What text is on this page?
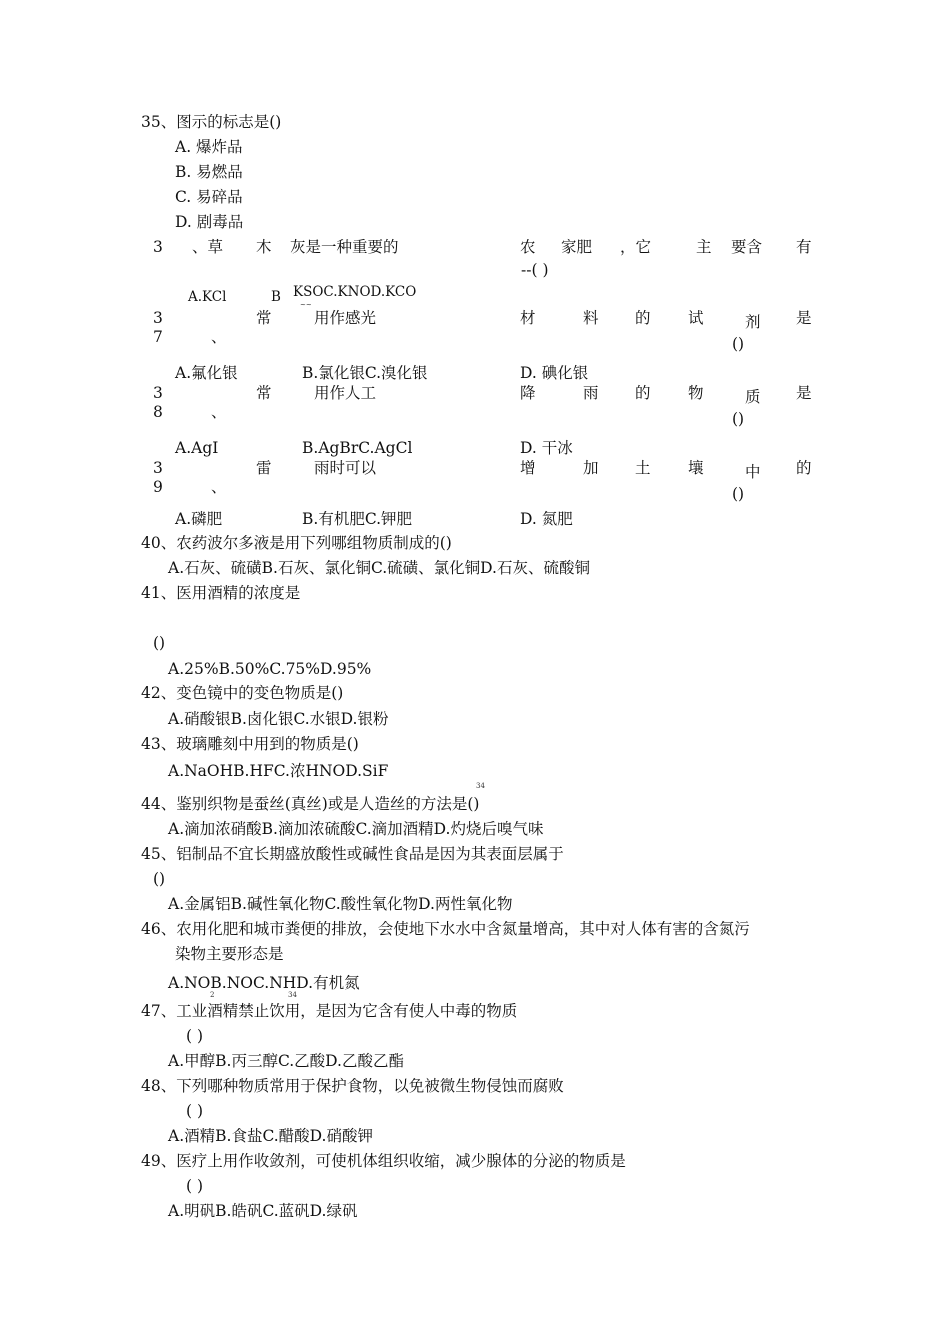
35、图示的标志是()
A. 爆炸品
B. 易燃品
C. 易碎品
D. 剧毒品
3 、草 木 灰是一种重要的	农 家肥 ，它	主 要含 有
--( )
A.KCl	B KSOC.KNOD.KCO
~~
3
7	、
常	用作感光	材	料 的 试	剂 是
()
A.氟化银	B.氯化银C.溴化银	D. 碘化银
3
8	、
常	用作人工	降	雨 的 物	质 是
()
A.AgI	B.AgBrC.AgCl	D. 干冰
3
9	、
雷	雨时可以	增	加 土 壤	中 的
()
A.磷肥	B.有机肥C.钾肥	D. 氮肥
40、农药波尔多液是用下列哪组物质制成的()
A.石灰、硫磺B.石灰、氯化铜C.硫磺、氯化铜D.石灰、硫酸铜
41、医用酒精的浓度是
()
A.25%B.50%C.75%D.95%
42、变色镜中的变色物质是()
A.硝酸银B.卤化银C.水银D.银粉
43、玻璃雕刻中用到的物质是()
A.NaOHB.HFC.浓HNOD.SiF
34
44、鉴别织物是蚕丝(真丝)或是人造丝的方法是()
A.滴加浓硝酸B.滴加浓硫酸C.滴加酒精D.灼烧后嗅气味
45、铝制品不宜长期盛放酸性或碱性食品是因为其表面层属于
()
A.金属铝B.碱性氧化物C.酸性氧化物D.两性氧化物
46、农用化肥和城市粪便的排放，会使地下水水中含氮量增高，其中对人体有害的含氮污
染物主要形态是
A.NOB.NOC.NHD.有机氮
2	34
47、工业酒精禁止饮用，是因为它含有使人中毒的物质
( )
A.甲醇B.丙三醇C.乙酸D.乙酸乙酯
48、下列哪种物质常用于保护食物，以免被微生物侵蚀而腐败
( )
A.酒精B.食盐C.醋酸D.硝酸钾
49、医疗上用作收敛剂，可使机体组织收缩，减少腺体的分泌的物质是
( )
A.明矾B.皓矾C.蓝矾D.绿矾
